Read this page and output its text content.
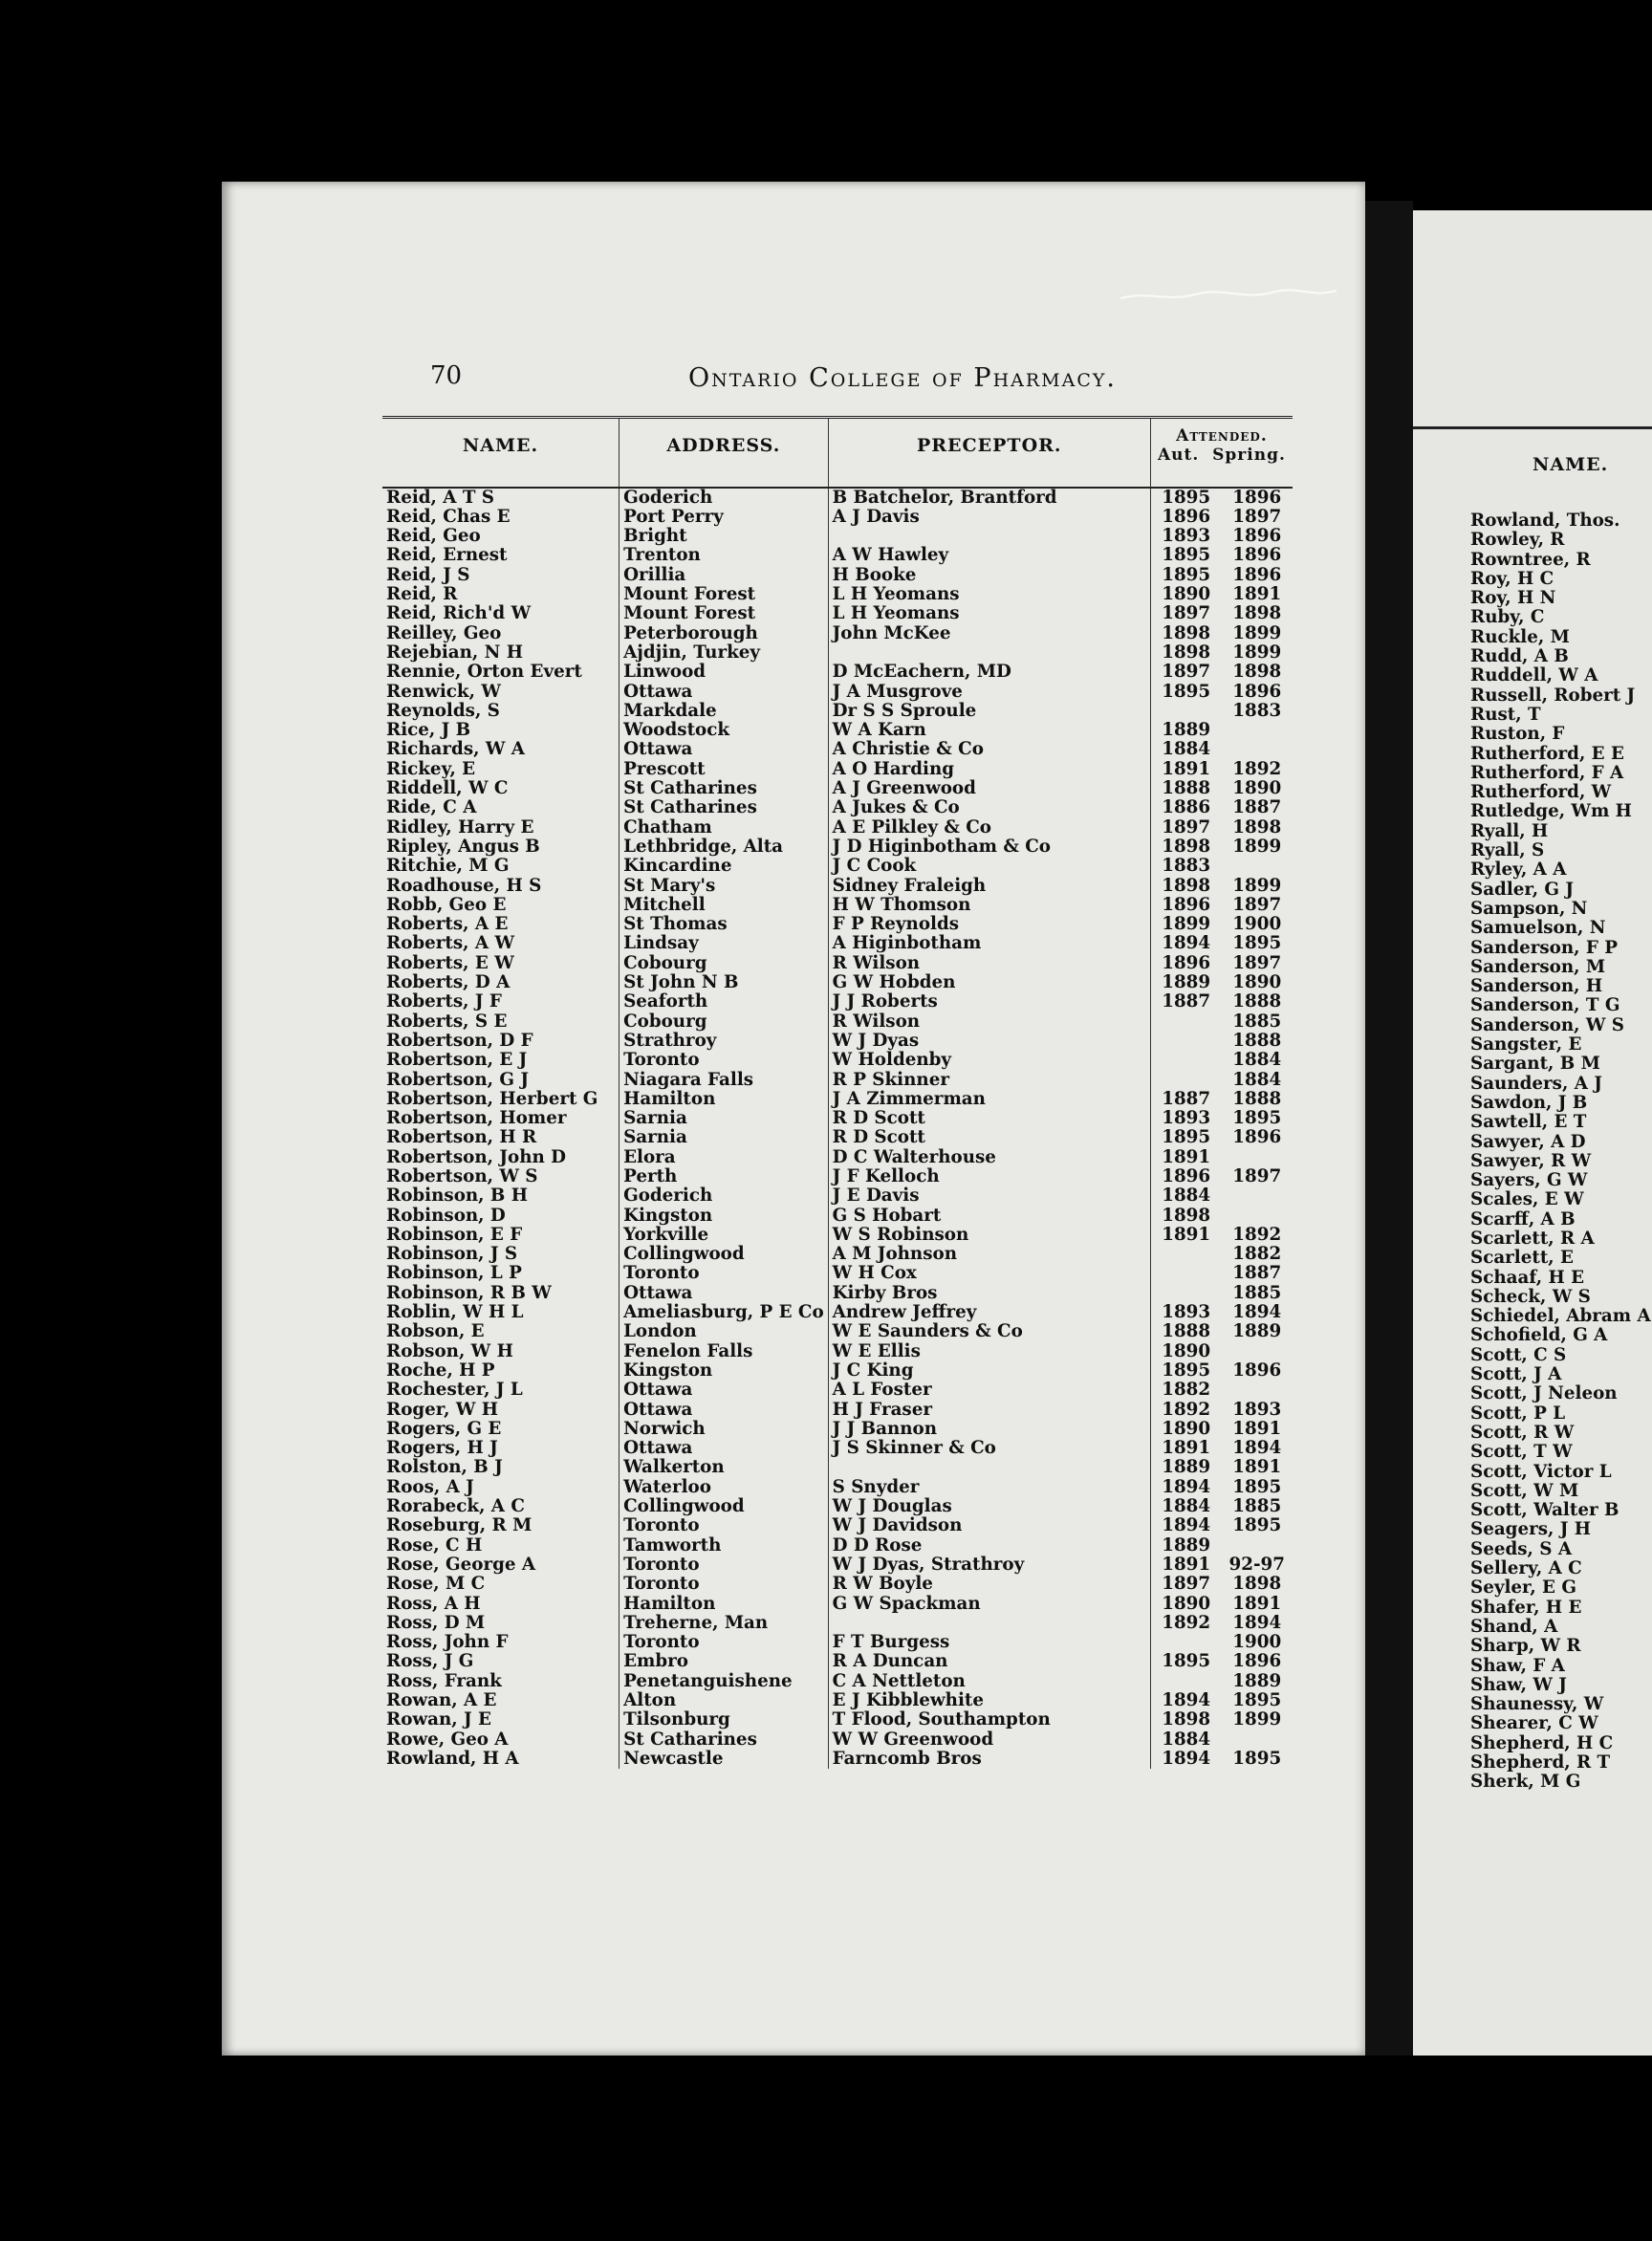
NAME.
Rowland, Thos.
Rowley, R
Rowntree, R
Roy, H C
Roy, H N
Ruby, C
Ruckle, M
Rudd, A B
Ruddell, W A
Russell, Robert J
Rust, T
Ruston, F
Rutherford, E E
Rutherford, F A
Rutherford, W
Rutledge, Wm H
Ryall, H
Ryall, S
Ryley, A A
Sadler, G J
Sampson, N
Samuelson, N
Sanderson, F P
Sanderson, M
Sanderson, H
Sanderson, T G
Sanderson, W S
Sangster, E
Sargant, B M
Saunders, A J
Sawdon, J B
Sawtell, E T
Sawyer, A D
Sawyer, R W
Sayers, G W
Scales, E W
Scarff, A B
Scarlett, R A
Scarlett, E
Schaaf, H E
Scheck, W S
Schiedel, Abram A
Schofield, G A
Scott, C S
Scott, J A
Scott, J Neleon
Scott, P L
Scott, R W
Scott, T W
Scott, Victor L
Scott, W M
Scott, Walter B
Seagers, J H
Seeds, S A
Sellery, A C
Seyler, E G
Shafer, H E
Shand, A
Sharp, W R
Shaw, F A
Shaw, W J
Shaunessy, W
Shearer, C W
Shepherd, H C
Shepherd, R T
Sherk, M G
70	Ontario College of Pharmacy.
NAME.	ADDRESS.	PRECEPTOR.	Attended.
Aut. Spring.	

Reid, A T S	Goderich	B Batchelor, Brantford	1895	1896
Reid, Chas E	Port Perry	A J Davis	1896	1897
Reid, Geo	Bright		1893	1896
Reid, Ernest	Trenton	A W Hawley	1895	1896
Reid, J S	Orillia	H Booke	1895	1896
Reid, R	Mount Forest	L H Yeomans	1890	1891
Reid, Rich'd W	Mount Forest	L H Yeomans	1897	1898
Reilley, Geo	Peterborough	John McKee	1898	1899
Rejebian, N H	Ajdjin, Turkey		1898	1899
Rennie, Orton Evert	Linwood	D McEachern, MD	1897	1898
Renwick, W	Ottawa	J A Musgrove	1895	1896
Reynolds, S	Markdale	Dr S S Sproule		1883
Rice, J B	Woodstock	W A Karn	1889	
Richards, W A	Ottawa	A Christie & Co	1884	
Rickey, E	Prescott	A O Harding	1891	1892
Riddell, W C	St Catharines	A J Greenwood	1888	1890
Ride, C A	St Catharines	A Jukes & Co	1886	1887
Ridley, Harry E	Chatham	A E Pilkley & Co	1897	1898
Ripley, Angus B	Lethbridge, Alta	J D Higinbotham & Co	1898	1899
Ritchie, M G	Kincardine	J C Cook	1883	
Roadhouse, H S	St Mary's	Sidney Fraleigh	1898	1899
Robb, Geo E	Mitchell	H W Thomson	1896	1897
Roberts, A E	St Thomas	F P Reynolds	1899	1900
Roberts, A W	Lindsay	A Higinbotham	1894	1895
Roberts, E W	Cobourg	R Wilson	1896	1897
Roberts, D A	St John N B	G W Hobden	1889	1890
Roberts, J F	Seaforth	J J Roberts	1887	1888
Roberts, S E	Cobourg	R Wilson		1885
Robertson, D F	Strathroy	W J Dyas		1888
Robertson, E J	Toronto	W Holdenby		1884
Robertson, G J	Niagara Falls	R P Skinner		1884
Robertson, Herbert G	Hamilton	J A Zimmerman	1887	1888
Robertson, Homer	Sarnia	R D Scott	1893	1895
Robertson, H R	Sarnia	R D Scott	1895	1896
Robertson, John D	Elora	D C Walterhouse	1891	
Robertson, W S	Perth	J F Kelloch	1896	1897
Robinson, B H	Goderich	J E Davis	1884	
Robinson, D	Kingston	G S Hobart	1898	
Robinson, E F	Yorkville	W S Robinson	1891	1892
Robinson, J S	Collingwood	A M Johnson		1882
Robinson, L P	Toronto	W H Cox		1887
Robinson, R B W	Ottawa	Kirby Bros		1885
Roblin, W H L	Ameliasburg, P E Co	Andrew Jeffrey	1893	1894
Robson, E	London	W E Saunders & Co	1888	1889
Robson, W H	Fenelon Falls	W E Ellis	1890	
Roche, H P	Kingston	J C King	1895	1896
Rochester, J L	Ottawa	A L Foster	1882	
Roger, W H	Ottawa	H J Fraser	1892	1893
Rogers, G E	Norwich	J J Bannon	1890	1891
Rogers, H J	Ottawa	J S Skinner & Co	1891	1894
Rolston, B J	Walkerton		1889	1891
Roos, A J	Waterloo	S Snyder	1894	1895
Rorabeck, A C	Collingwood	W J Douglas	1884	1885
Roseburg, R M	Toronto	W J Davidson	1894	1895
Rose, C H	Tamworth	D D Rose	1889	
Rose, George A	Toronto	W J Dyas, Strathroy	1891	92-97
Rose, M C	Toronto	R W Boyle	1897	1898
Ross, A H	Hamilton	G W Spackman	1890	1891
Ross, D M	Treherne, Man		1892	1894
Ross, John F	Toronto	F T Burgess		1900
Ross, J G	Embro	R A Duncan	1895	1896
Ross, Frank	Penetanguishene	C A Nettleton		1889
Rowan, A E	Alton	E J Kibblewhite	1894	1895
Rowan, J E	Tilsonburg	T Flood, Southampton	1898	1899
Rowe, Geo A	St Catharines	W W Greenwood	1884	
Rowland, H A	Newcastle	Farncomb Bros	1894	1895
